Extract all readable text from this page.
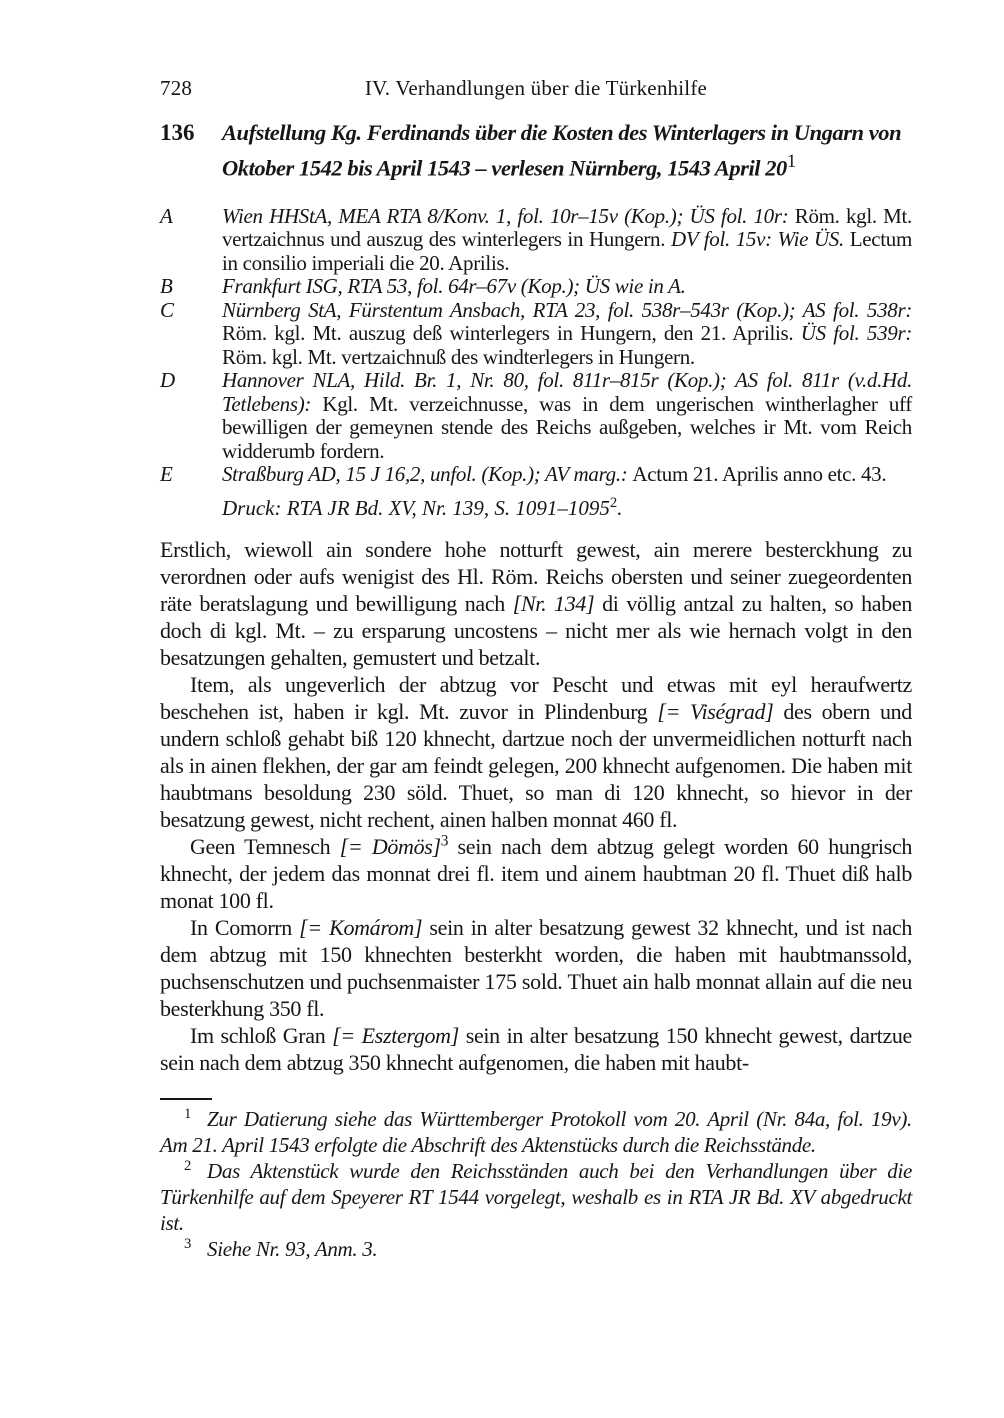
728	IV. Verhandlungen über die Türkenhilfe
136	Aufstellung Kg. Ferdinands über die Kosten des Winterlagers in Ungarn von Oktober 1542 bis April 1543 – verlesen Nürnberg, 1543 April $20^1$
A	Wien HHStA, MEA RTA 8/Konv. 1, fol. 10r–15v (Kop.); ÜS fol. 10r: Röm. kgl. Mt. vertzaichnus und auszug des winterlegers in Hungern. DV fol. 15v: Wie ÜS. Lectum in consilio imperiali die 20. Aprilis.

B	Frankfurt ISG, RTA 53, fol. 64r–67v (Kop.); ÜS wie in A.

C	Nürnberg StA, Fürstentum Ansbach, RTA 23, fol. 538r–543r (Kop.); AS fol. 538r: Röm. kgl. Mt. auszug deß winterlegers in Hungern, den 21. Aprilis. ÜS fol. 539r: Röm. kgl. Mt. vertzaichnuß des windterlegers in Hungern.

D	Hannover NLA, Hild. Br. 1, Nr. 80, fol. 811r–815r (Kop.); AS fol. 811r (v.d.Hd. Tetlebens): Kgl. Mt. verzeichnusse, was in dem ungerischen wintherlagher uff bewilligen der gemeynen stende des Reichs außgeben, welches ir Mt. vom Reich widderumb fordern.

E	Straßburg AD, 15 J 16,2, unfol. (Kop.); AV marg.: Actum 21. Aprilis anno etc. 43.

Druck: RTA JR Bd. XV, Nr. 139, S. 1091–1095$^2$.

Erstlich, wiewoll ain sondere hohe notturft gewest, ain merere besterckhung zu verordnen oder aufs wenigist des Hl. Röm. Reichs obersten und seiner zuegeordenten räte beratslagung und bewilligung nach [Nr. 134] di völlig antzal zu halten, so haben doch di kgl. Mt. – zu ersparung uncostens – nicht mer als wie hernach volgt in den besatzungen gehalten, gemustert und betzalt.

Item, als ungeverlich der abtzug vor Pescht und etwas mit eyl heraufwertz beschehen ist, haben ir kgl. Mt. zuvor in Plindenburg [= Viségrad] des obern und undern schloß gehabt biß 120 khnecht, dartzue noch der unvermeidlichen notturft nach als in ainen flekhen, der gar am feindt gelegen, 200 khnecht aufgenomen. Die haben mit haubtmans besoldung 230 söld. Thuet, so man di 120 khnecht, so hievor in der besatzung gewest, nicht rechent, ainen halben monnat 460 fl.

Geen Temnesch [= Dömös]$^3$ sein nach dem abtzug gelegt worden 60 hungrisch khnecht, der jedem das monnat drei fl. item und ainem haubtman 20 fl. Thuet diß halb monat 100 fl.

In Comorrn [= Komárom] sein in alter besatzung gewest 32 khnecht, und ist nach dem abtzug mit 150 khnechten besterkht worden, die haben mit haubtmanssold, puchsenschutzen und puchsenmaister 175 sold. Thuet ain halb monnat allain auf die neu besterkhung 350 fl.

Im schloß Gran [= Esztergom] sein in alter besatzung 150 khnecht gewest, dartzue sein nach dem abtzug 350 khnecht aufgenomen, die haben mit haubt-

$^1$ Zur Datierung siehe das Württemberger Protokoll vom 20. April (Nr. 84a, fol. 19v). Am 21. April 1543 erfolgte die Abschrift des Aktenstücks durch die Reichsstände.

$^2$ Das Aktenstück wurde den Reichsständen auch bei den Verhandlungen über die Türkenhilfe auf dem Speyerer RT 1544 vorgelegt, weshalb es in RTA JR Bd. XV abgedruckt ist.

$^3$ Siehe Nr. 93, Anm. 3.
